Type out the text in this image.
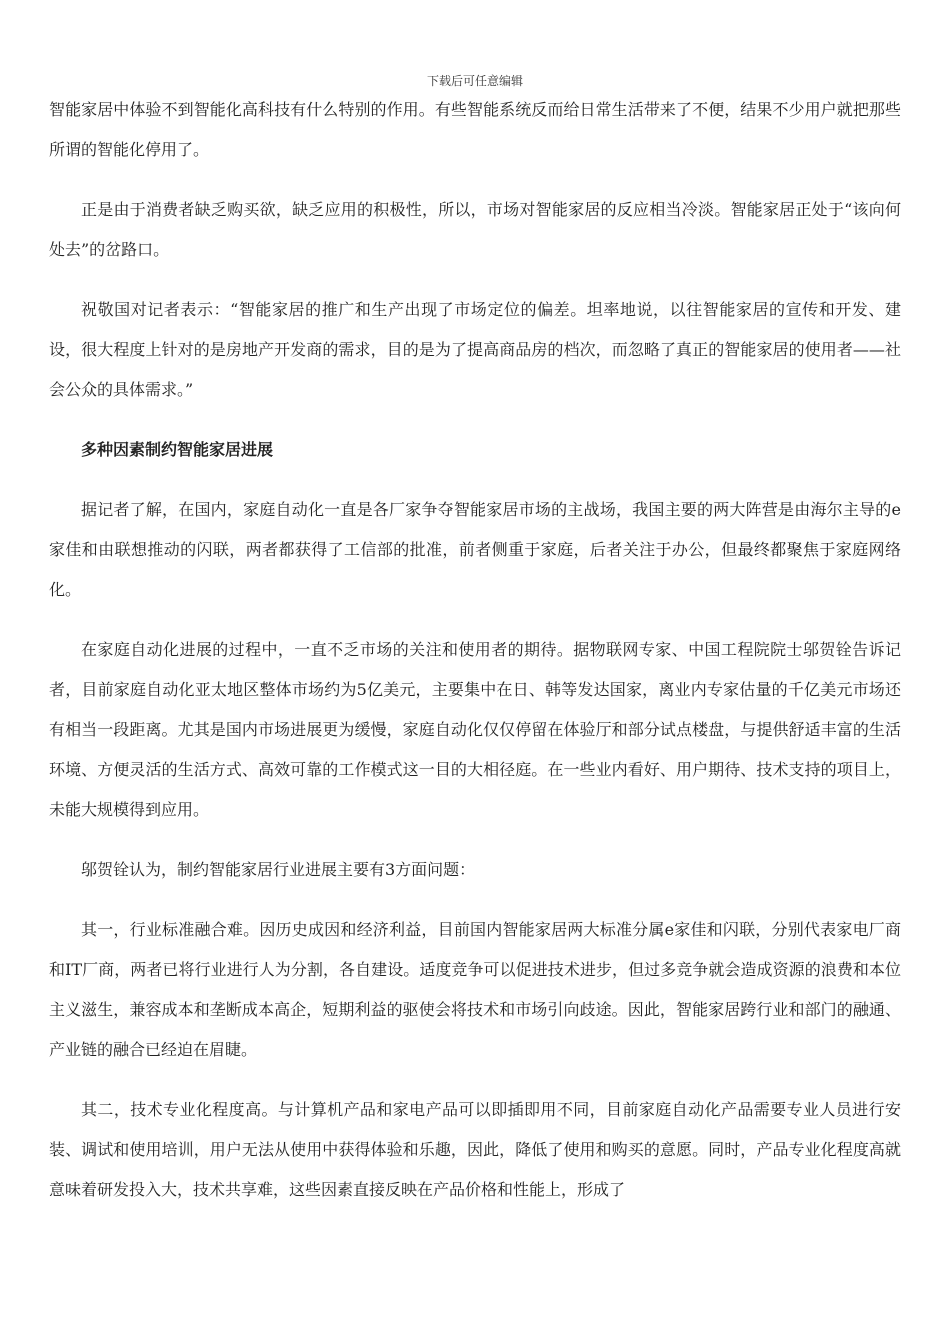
下载后可任意编辑

智能家居中体验不到智能化高科技有什么特别的作用。有些智能系统反而给日常生活带来了不便，结果不少用户就把那些所谓的智能化停用了。

正是由于消费者缺乏购买欲，缺乏应用的积极性，所以，市场对智能家居的反应相当冷淡。智能家居正处于“该向何处去”的岔路口。

祝敬国对记者表示：“智能家居的推广和生产出现了市场定位的偏差。坦率地说，以往智能家居的宣传和开发、建设，很大程度上针对的是房地产开发商的需求，目的是为了提高商品房的档次，而忽略了真正的智能家居的使用者——社会公众的具体需求。”

多种因素制约智能家居进展

据记者了解，在国内，家庭自动化一直是各厂家争夺智能家居市场的主战场，我国主要的两大阵营是由海尔主导的e家佳和由联想推动的闪联，两者都获得了工信部的批准，前者侧重于家庭，后者关注于办公，但最终都聚焦于家庭网络化。

在家庭自动化进展的过程中，一直不乏市场的关注和使用者的期待。据物联网专家、中国工程院院士邬贺铨告诉记者，目前家庭自动化亚太地区整体市场约为5亿美元，主要集中在日、韩等发达国家，离业内专家估量的千亿美元市场还有相当一段距离。尤其是国内市场进展更为缓慢，家庭自动化仅仅停留在体验厅和部分试点楼盘，与提供舒适丰富的生活环境、方便灵活的生活方式、高效可靠的工作模式这一目的大相径庭。在一些业内看好、用户期待、技术支持的项目上，未能大规模得到应用。

邬贺铨认为，制约智能家居行业进展主要有3方面问题：

其一，行业标准融合难。因历史成因和经济利益，目前国内智能家居两大标准分属e家佳和闪联，分别代表家电厂商和IT厂商，两者已将行业进行人为分割，各自建设。适度竞争可以促进技术进步，但过多竞争就会造成资源的浪费和本位主义滋生，兼容成本和垄断成本高企，短期利益的驱使会将技术和市场引向歧途。因此，智能家居跨行业和部门的融通、产业链的融合已经迫在眉睫。

其二，技术专业化程度高。与计算机产品和家电产品可以即插即用不同，目前家庭自动化产品需要专业人员进行安装、调试和使用培训，用户无法从使用中获得体验和乐趣，因此，降低了使用和购买的意愿。同时，产品专业化程度高就意味着研发投入大，技术共享难，这些因素直接反映在产品价格和性能上，形成了
